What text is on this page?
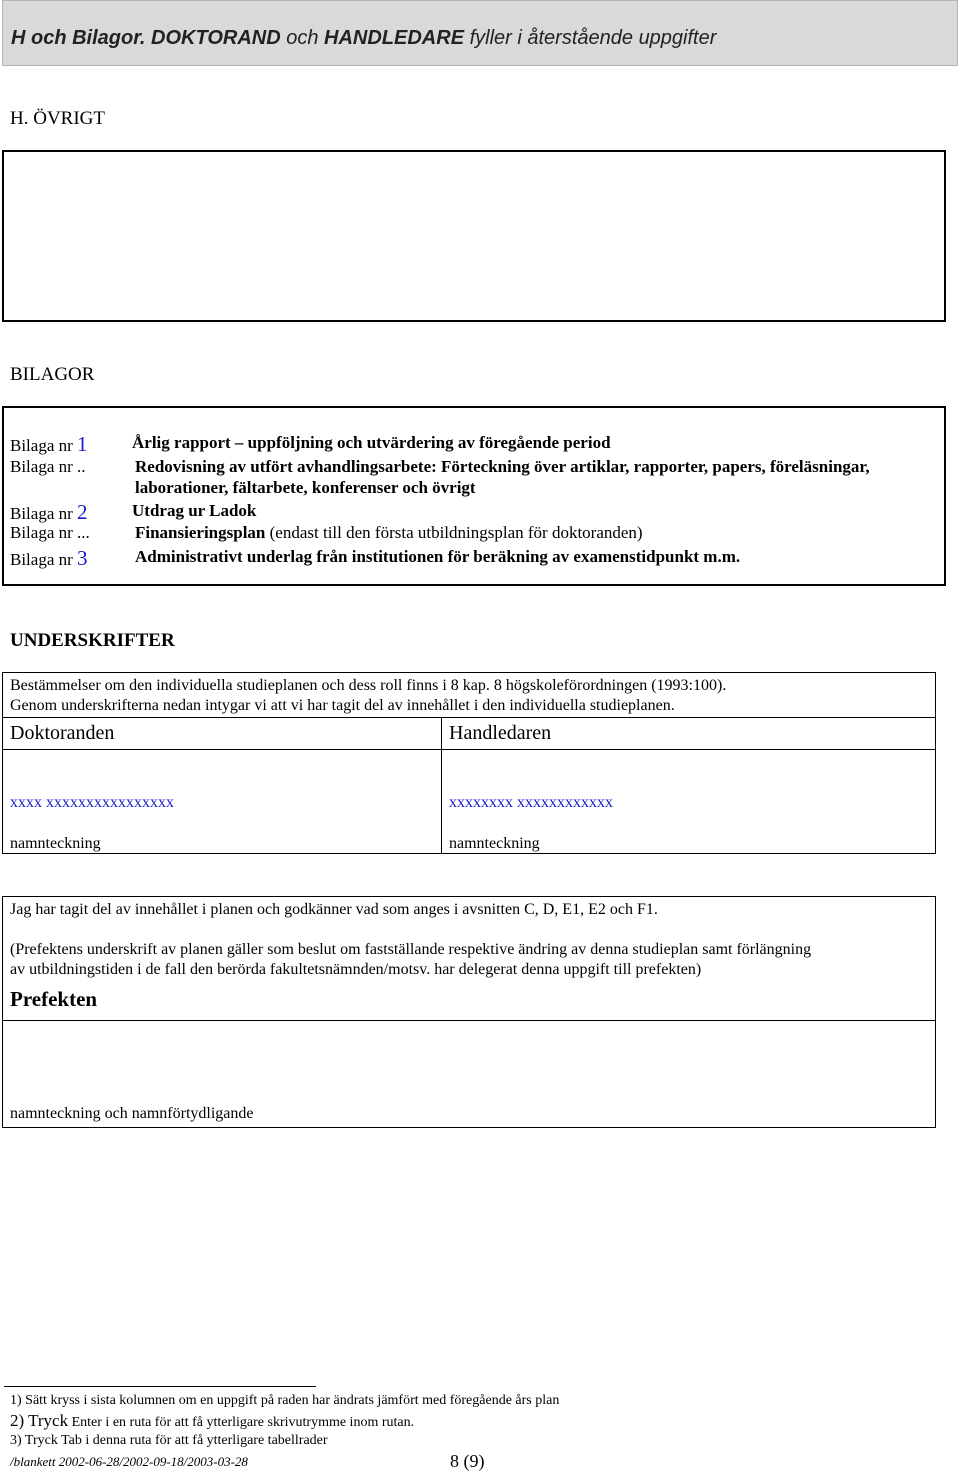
H och Bilagor. DOKTORAND och HANDLEDARE fyller i återstående uppgifter
H. ÖVRIGT
BILAGOR
Bilaga nr 1	Årlig rapport – uppföljning och utvärdering av föregående period
Bilaga nr ..	Redovisning av utfört avhandlingsarbete: Förteckning över artiklar, rapporter, papers, föreläsningar,
laborationer, fältarbete, konferenser och övrigt
Bilaga nr 2	Utdrag ur Ladok
Bilaga nr ...	Finansieringsplan (endast till den första utbildningsplan för doktoranden)
Bilaga nr 3	Administrativt underlag från institutionen för beräkning av examenstidpunkt m.m.
UNDERSKRIFTER
Bestämmelser om den individuella studieplanen och dess roll finns i 8 kap. 8 högskoleförordningen (1993:100).
Genom underskrifterna nedan intygar vi att vi har tagit del av innehållet i den individuella studieplanen.
Doktoranden	Handledaren
xxxx xxxxxxxxxxxxxxxx	xxxxxxxx xxxxxxxxxxxx
namnteckning	namnteckning
Jag har tagit del av innehållet i planen och godkänner vad som anges i avsnitten C, D, E1, E2 och F1.
(Prefektens underskrift av planen gäller som beslut om fastställande respektive ändring av denna studieplan samt förlängning
av utbildningstiden i de fall den berörda fakultetsnämnden/motsv. har delegerat denna uppgift till prefekten)
Prefekten
namnteckning och namnförtydligande
1) Sätt kryss i sista kolumnen om en uppgift på raden har ändrats jämfört med föregående års plan
2) Tryck Enter i en ruta för att få ytterligare skrivutrymme inom rutan.
3) Tryck Tab i denna ruta för att få ytterligare tabellrader
/blankett 2002-06-28/2002-09-18/2003-03-28	8 (9)
